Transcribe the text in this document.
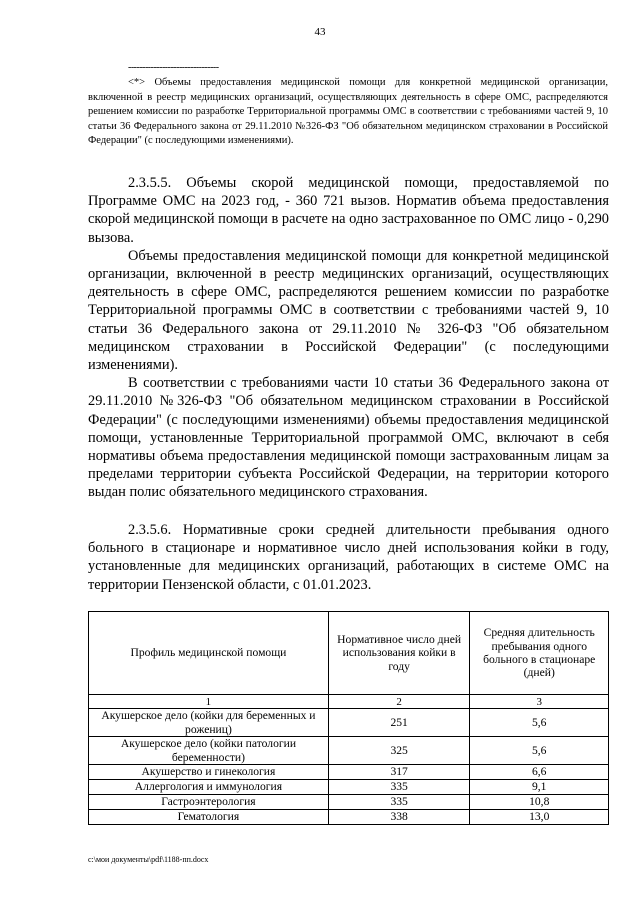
43
--------------------------------
<*> Объемы предоставления медицинской помощи для конкретной медицинской организации, включенной в реестр медицинских организаций, осуществляющих деятельность в сфере ОМС, распределяются решением комиссии по разработке Территориальной программы ОМС в соответствии с требованиями частей 9, 10 статьи 36 Федерального закона от 29.11.2010 №326-ФЗ "Об обязательном медицинском страховании в Российской Федерации" (с последующими изменениями).

2.3.5.5. Объемы скорой медицинской помощи, предоставляемой по Программе ОМС на 2023 год, - 360 721 вызов. Норматив объема предоставления скорой медицинской помощи в расчете на одно застрахованное по ОМС лицо - 0,290 вызова.

Объемы предоставления медицинской помощи для конкретной медицинской организации, включенной в реестр медицинских организаций, осуществляющих деятельность в сфере ОМС, распределяются решением комиссии по разработке Территориальной программы ОМС в соответствии с требованиями частей 9, 10 статьи 36 Федерального закона от 29.11.2010 № 326-ФЗ "Об обязательном медицинском страховании в Российской Федерации" (с последующими изменениями).

В соответствии с требованиями части 10 статьи 36 Федерального закона от 29.11.2010 №326-ФЗ "Об обязательном медицинском страховании в Российской Федерации" (с последующими изменениями) объемы предоставления медицинской помощи, установленные Территориальной программой ОМС, включают в себя нормативы объема предоставления медицинской помощи застрахованным лицам за пределами территории субъекта Российской Федерации, на территории которого выдан полис обязательного медицинского страхования.

2.3.5.6. Нормативные сроки средней длительности пребывания одного больного в стационаре и нормативное число дней использования койки в году, установленные для медицинских организаций, работающих в системе ОМС на территории Пензенской области, с 01.01.2023.

Профиль медицинской помощи	Нормативное число дней использования койки в году	Средняя длительность пребывания одного больного в стационаре (дней)
1	2	3
Акушерское дело (койки для беременных и рожениц)	251	5,6
Акушерское дело (койки патологии беременности)	325	5,6
Акушерство и гинекология	317	6,6
Аллергология и иммунология	335	9,1
Гастроэнтерология	335	10,8
Гематология	338	13,0
c:\мои документы\pdf\1188-пп.docx
